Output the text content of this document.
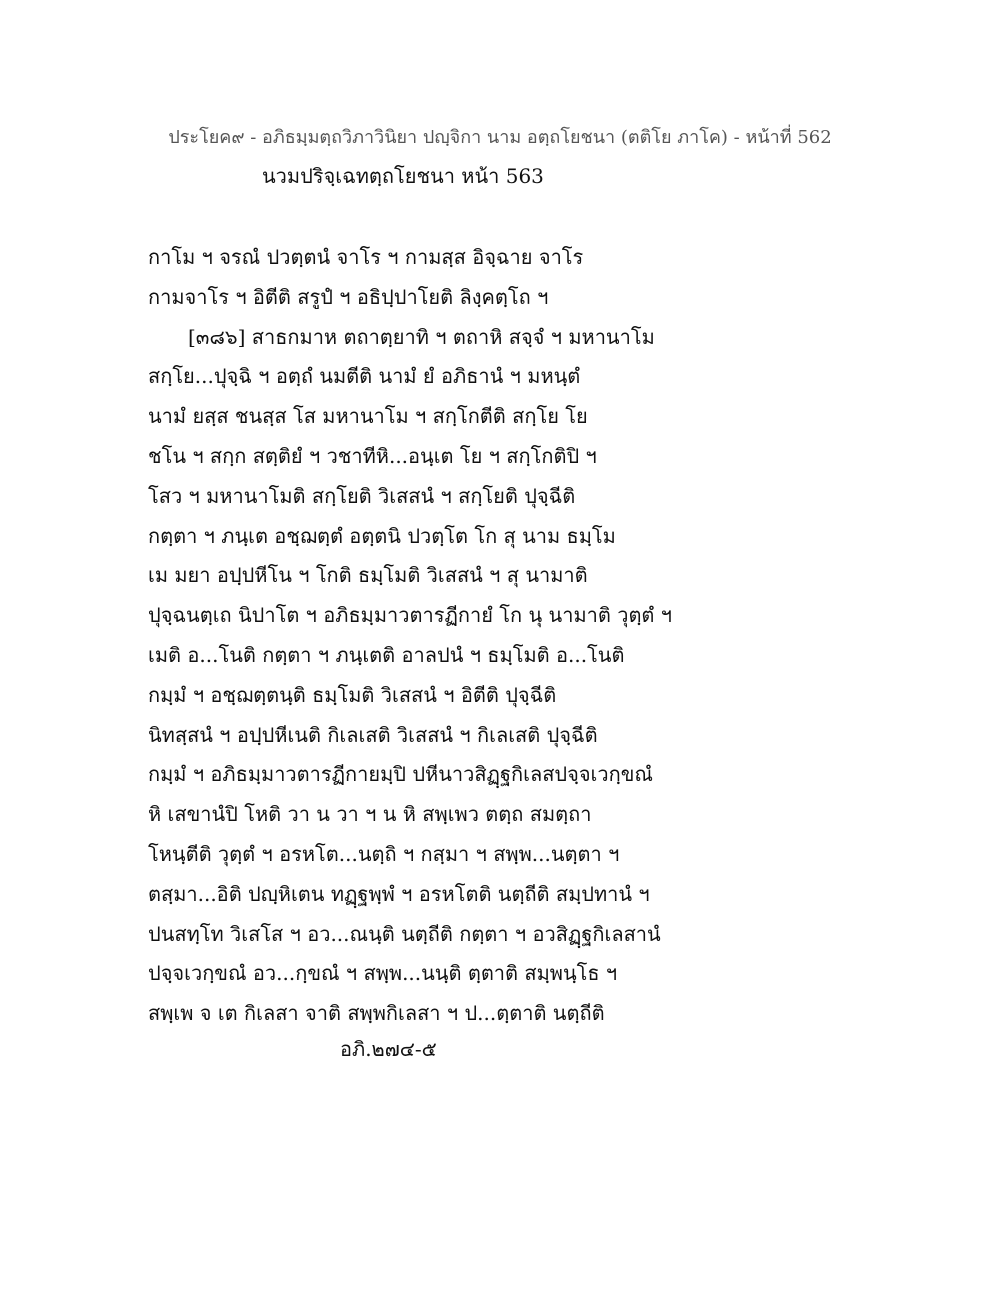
ประโยค๙ - อภิธมฺมตฺถวิภาวินิยา ปญฺจิกา นาม อตฺถโยชนา (ตติโย ภาโค) - หน้าที่ 562
นวมปริจฺเฉทตฺถโยชนา หน้า 563
กาโม ฯ จรณํ ปวตฺตนํ จาโร ฯ กามสฺส อิจฺฉาย จาโร
กามจาโร ฯ อิตีติ สรูปํ ฯ อธิปฺปาโยติ ลิงฺคตฺโถ ฯ
[๓๘๖] สาธกมาห ตถาตฺยาทิ ฯ ตถาหิ สจฺจํ ฯ มหานาโม
สกฺโย...ปุจฺฉิ ฯ อตฺถํ นมตีติ นามํ ยํ อภิธานํ ฯ มหนฺตํ
นามํ ยสฺส ชนสฺส โส มหานาโม ฯ สกฺโกตีติ สกฺโย โย
ชโน ฯ สกฺก สตฺติยํ ฯ วชาทีหิ...อนฺเต โย ฯ สกฺโกติปิ ฯ
โสว ฯ มหานาโมติ สกฺโยติ วิเสสนํ ฯ สกฺโยติ ปุจฺฉีติ
กตฺตา ฯ ภนฺเต อชฺฌตฺตํ อตฺตนิ ปวตฺโต โก สุ นาม ธมฺโม
เม มยา อปฺปหีโน ฯ โกติ ธมฺโมติ วิเสสนํ ฯ สุ นามาติ
ปุจฺฉนตฺเถ นิปาโต ฯ อภิธมฺมาวตารฏีกายํ โก นุ นามาติ วุตฺตํ ฯ
เมติ อ...โนติ กตฺตา ฯ ภนฺเตติ อาลปนํ ฯ ธมฺโมติ อ...โนติ
กมฺมํ ฯ อชฺฌตฺตนฺติ ธมฺโมติ วิเสสนํ ฯ อิตีติ ปุจฺฉีติ
นิทสฺสนํ ฯ อปฺปหีเนติ กิเลเสติ วิเสสนํ ฯ กิเลเสติ ปุจฺฉีติ
กมฺมํ ฯ อภิธมฺมาวตารฏีกายมฺปิ ปหีนาวสิฏฺฐกิเลสปจฺจเวกฺขณํ
หิ เสขานํปิ โหติ วา น วา ฯ น หิ สพฺเพว ตตฺถ สมตฺถา
โหนฺตีติ วุตฺตํ ฯ อรหโต...นตฺถิ ฯ กสฺมา ฯ สพฺพ...นตฺตา ฯ
ตสฺมา...อิติ ปญฺหิเตน ทฏฺฐพฺพํ ฯ อรหโตติ นตฺถีติ สมฺปทานํ ฯ
ปนสทฺโท วิเสโส ฯ อว...ณนฺติ นตฺถีติ กตฺตา ฯ อวสิฏฺฐกิเลสานํ
ปจฺจเวกฺขณํ อว...กฺขณํ ฯ สพฺพ...นนฺติ ตฺตาติ สมฺพนฺโธ ฯ
สพฺเพ จ เต กิเลสา จาติ สพฺพกิเลสา ฯ ป...ตฺตาติ นตฺถีติ
อภิ.๒๗๔-๕
